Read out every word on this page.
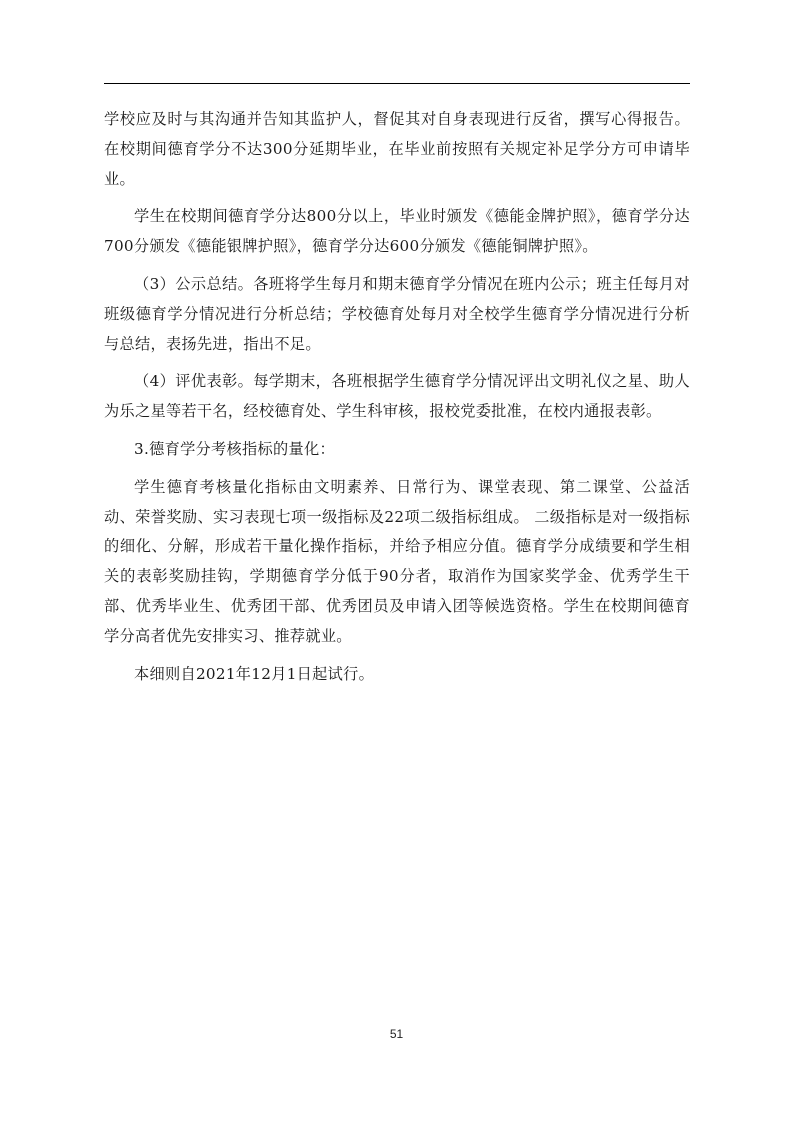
学校应及时与其沟通并告知其监护人，督促其对自身表现进行反省，撰写心得报告。在校期间德育学分不达300分延期毕业，在毕业前按照有关规定补足学分方可申请毕业。

学生在校期间德育学分达800分以上，毕业时颁发《德能金牌护照》，德育学分达700分颁发《德能银牌护照》，德育学分达600分颁发《德能铜牌护照》。

（3）公示总结。各班将学生每月和期末德育学分情况在班内公示；班主任每月对班级德育学分情况进行分析总结；学校德育处每月对全校学生德育学分情况进行分析与总结，表扬先进，指出不足。

（4）评优表彰。每学期末，各班根据学生德育学分情况评出文明礼仪之星、助人为乐之星等若干名，经校德育处、学生科审核，报校党委批准，在校内通报表彰。

3.德育学分考核指标的量化：

学生德育考核量化指标由文明素养、日常行为、课堂表现、第二课堂、公益活动、荣誉奖励、实习表现七项一级指标及22项二级指标组成。 二级指标是对一级指标的细化、分解，形成若干量化操作指标，并给予相应分值。德育学分成绩要和学生相关的表彰奖励挂钩，学期德育学分低于90分者，取消作为国家奖学金、优秀学生干部、优秀毕业生、优秀团干部、优秀团员及申请入团等候选资格。学生在校期间德育学分高者优先安排实习、推荐就业。

本细则自2021年12月1日起试行。

51
